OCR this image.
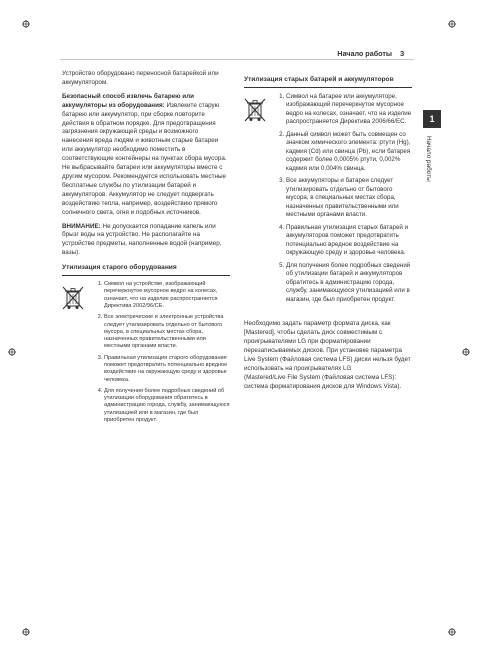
Начало работы 3
1
Начало работы

Устройство оборудовано переносной батарейкой или аккумулятором.

Безопасный способ извлечь батарею или аккумуляторы из оборудования: Извлеките старую батарею или аккумулятор, при сборке повторите действия в обратном порядке. Для предотвращения загрязнения окружающей среды и возможного нанесения вреда людям и животным старые батареи или аккумулятор необходимо поместить в соответствующие контейнеры на пунктах сбора мусора. Не выбрасывайте батареи или аккумуляторы вместе с другим мусором. Рекомендуется использовать местные бесплатные службы по утилизации батарей и аккумуляторов. Аккумулятор не следует подвергать воздействию тепла, например, воздействию прямого солнечного света, огня и подобных источников.

ВНИМАНИЕ: Не допускается попадание капель или брызг воды на устройство. Не располагайте на устройстве предметы, наполненные водой (например, вазы).

Утилизация старого оборудования
1. Символ на устройстве, изображающий перечеркнутое мусорное ведро на колесах, означает, что на изделие распространяется Директива 2002/96/CE.
2. Все электрические и электронные устройства следует утилизировать отдельно от бытового мусора, в специальных местах сбора, назначенных правительственными или местными органами власти.
3. Правильная утилизация старого оборудования поможет предотвратить потенциально вредное воздействие на окружающую среду и здоровье человека.
4. Для получения более подробных сведений об утилизации оборудования обратитесь в администрацию города, службу, занимающуюся утилизацией или в магазин, где был приобретен продукт.
Утилизация старых батарей и аккумуляторов
1. Символ на батарее или аккумуляторе, изображающий перечеркнутое мусорное ведро на колесах, означает, что на изделие распространяется Директива 2006/66/EC.
2. Данный символ может быть совмещен со значком химического элемента: ртути (Hg), кадмия (Cd) или свинца (Pb), если батарея содержит более 0,0005% ртути, 0,002% кадмия или 0,004% свинца.
3. Все аккумуляторы и батареи следует утилизировать отдельно от бытового мусора, в специальных местах сбора, назначенных правительственными или местными органами власти.
4. Правильная утилизация старых батарей и аккумуляторов поможет предотвратить потенциально вредное воздействие на окружающую среду и здоровье человека.
5. Для получения более подробных сведений об утилизации батарей и аккумуляторов обратитесь в администрацию города, службу, занимающуюся утилизацией или в магазин, где был приобретен продукт.

Необходимо задать параметр формата диска, как [Mastered], чтобы сделать диск совместимым с проигрывателями LG при форматировании перезаписываемых дисков. При установке параметра Live System (Файловая система LFS) диски нельзя будет использовать на проигрывателях LG

(Mastered/Live File System (Файловая система LFS): система форматирования дисков для Windows Vista).
